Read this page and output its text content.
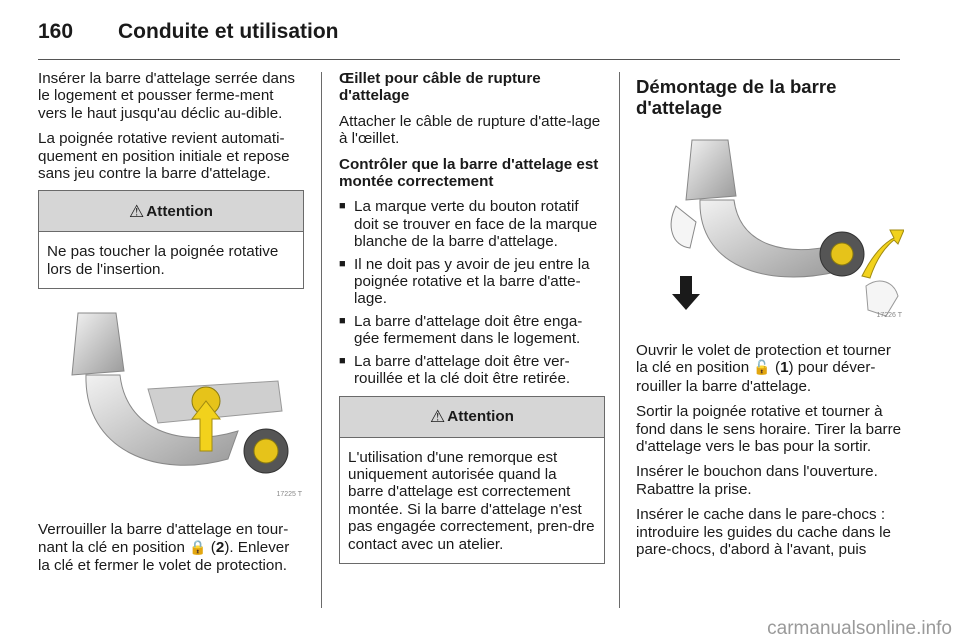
160 Conduite et utilisation

Insérer la barre d'attelage serrée dans le logement et pousser ferme-ment vers le haut jusqu'au déclic au-dible.

La poignée rotative revient automati-quement en position initiale et repose sans jeu contre la barre d'attelage.

⚠ Attention
Ne pas toucher la poignée rotative lors de l'insertion.
17225 T

Verrouiller la barre d'attelage en tour-nant la clé en position 🔒 (2). Enlever la clé et fermer le volet de protection.

Œillet pour câble de rupture d'attelage

Attacher le câble de rupture d'atte-lage à l'œillet.

Contrôler que la barre d'attelage est montée correctement

■ La marque verte du bouton rotatif doit se trouver en face de la marque blanche de la barre d'attelage.
■ Il ne doit pas y avoir de jeu entre la poignée rotative et la barre d'atte-lage.
■ La barre d'attelage doit être enga-gée fermement dans le logement.
■ La barre d'attelage doit être ver-rouillée et la clé doit être retirée.
⚠ Attention
L'utilisation d'une remorque est uniquement autorisée quand la barre d'attelage est correctement montée. Si la barre d'attelage n'est pas engagée correctement, pren-dre contact avec un atelier.
Démontage de la barre d'attelage
17226 T

Ouvrir le volet de protection et tourner la clé en position 🔓 (1) pour déver-rouiller la barre d'attelage.

Sortir la poignée rotative et tourner à fond dans le sens horaire. Tirer la barre d'attelage vers le bas pour la sortir.

Insérer le bouchon dans l'ouverture. Rabattre la prise.

Insérer le cache dans le pare-chocs : introduire les guides du cache dans le pare-chocs, d'abord à l'avant, puis

carmanualsonline.info
